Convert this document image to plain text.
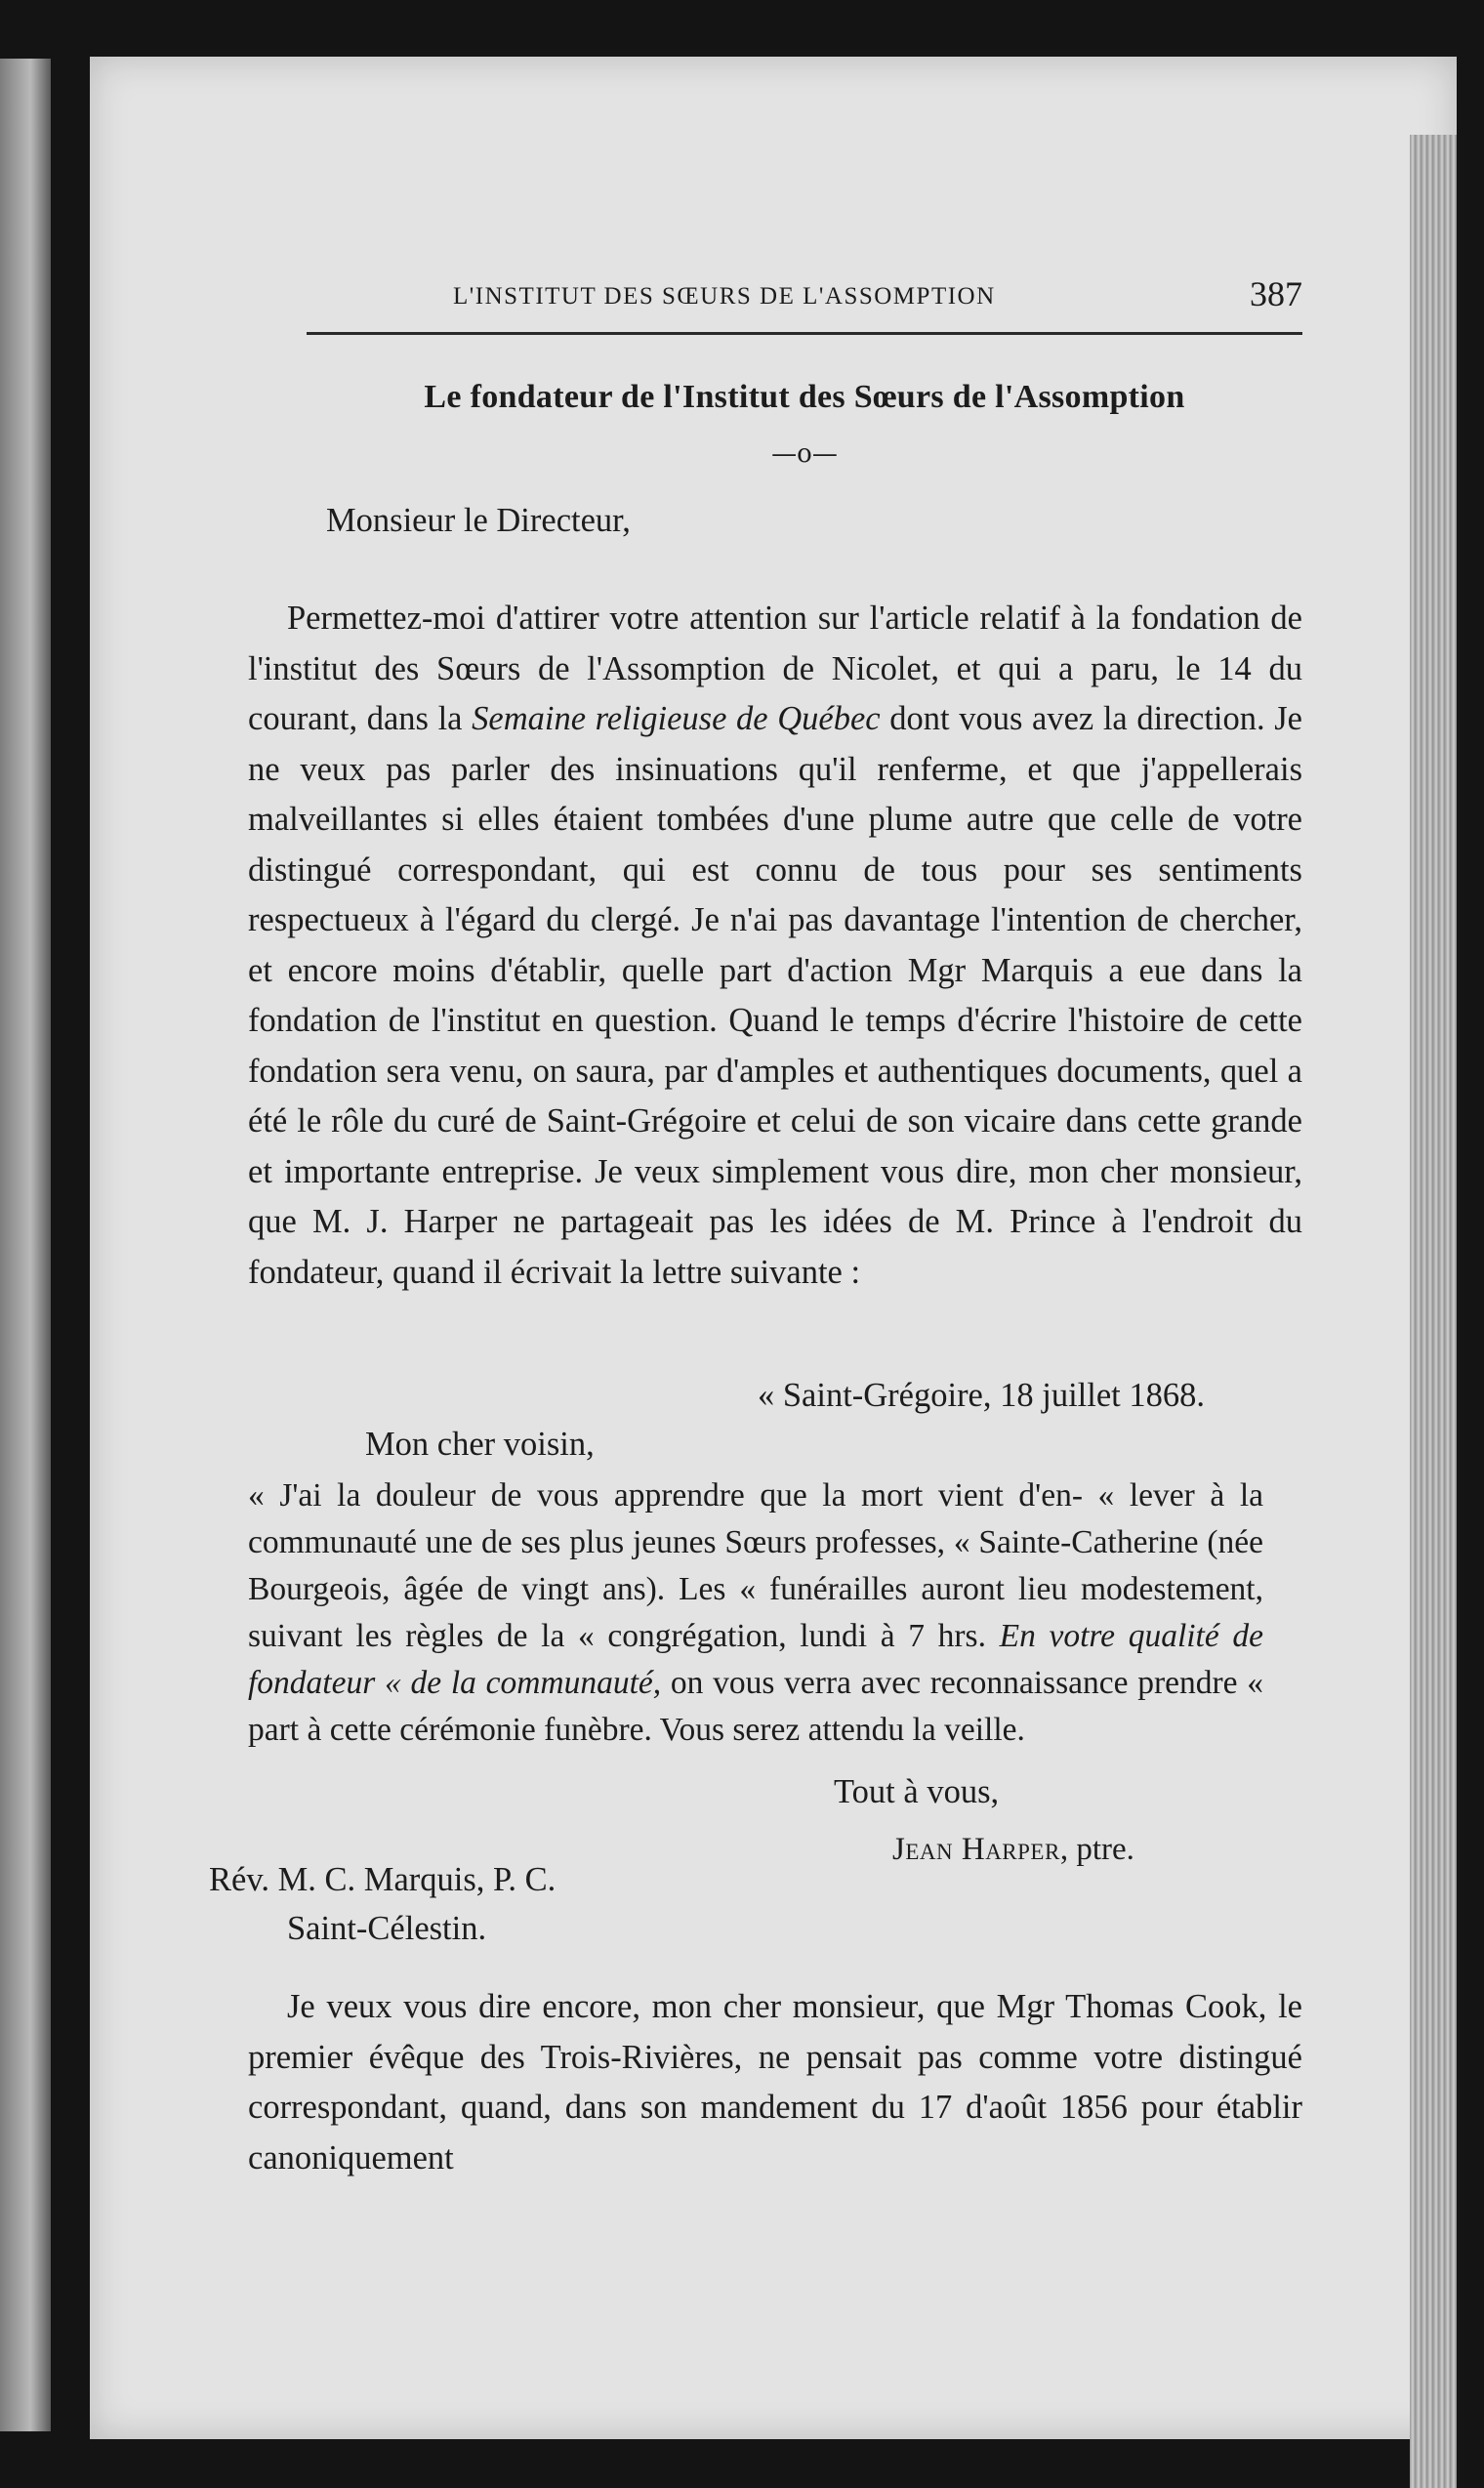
L'INSTITUT DES SŒURS DE L'ASSOMPTION	387
Le fondateur de l'Institut des Sœurs de l'Assomption
—o—
Monsieur le Directeur,
Permettez-moi d'attirer votre attention sur l'article relatif à la fondation de l'institut des Sœurs de l'Assomption de Nicolet, et qui a paru, le 14 du courant, dans la Semaine religieuse de Québec dont vous avez la direction. Je ne veux pas parler des insinuations qu'il renferme, et que j'appellerais malveillantes si elles étaient tombées d'une plume autre que celle de votre distingué correspondant, qui est connu de tous pour ses sentiments respectueux à l'égard du clergé. Je n'ai pas davantage l'intention de chercher, et encore moins d'établir, quelle part d'action Mgr Marquis a eue dans la fondation de l'institut en question. Quand le temps d'écrire l'histoire de cette fondation sera venu, on saura, par d'amples et authentiques documents, quel a été le rôle du curé de Saint-Grégoire et celui de son vicaire dans cette grande et importante entreprise. Je veux simplement vous dire, mon cher monsieur, que M. J. Harper ne partageait pas les idées de M. Prince à l'endroit du fondateur, quand il écrivait la lettre suivante :
« Saint-Grégoire, 18 juillet 1868.
Mon cher voisin,
« J'ai la douleur de vous apprendre que la mort vient d'en- « lever à la communauté une de ses plus jeunes Sœurs professes, « Sainte-Catherine (née Bourgeois, âgée de vingt ans). Les « funérailles auront lieu modestement, suivant les règles de la « congrégation, lundi à 7 hrs. En votre qualité de fondateur « de la communauté, on vous verra avec reconnaissance prendre « part à cette cérémonie funèbre. Vous serez attendu la veille.
Tout à vous,
Jean Harper, ptre.
Rév. M. C. Marquis, P. C.
Saint-Célestin.
Je veux vous dire encore, mon cher monsieur, que Mgr Thomas Cook, le premier évêque des Trois-Rivières, ne pensait pas comme votre distingué correspondant, quand, dans son mandement du 17 d'août 1856 pour établir canoniquement
